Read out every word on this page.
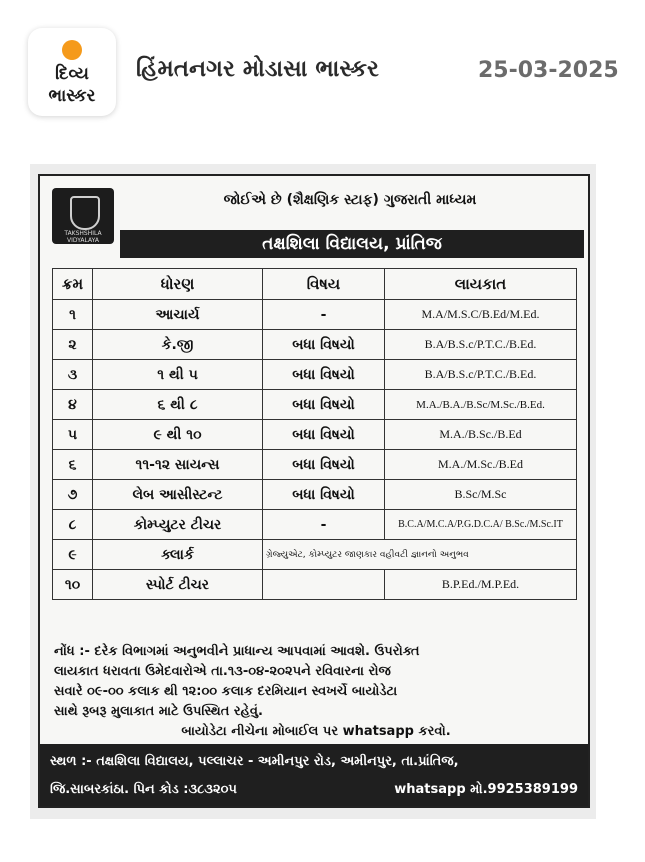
દિવ્ય
ભાસ્કર
હિંમતનગર મોડાસા ભાસ્કર	25-03-2025
TAKSHSHILA VIDYALAYA
જોઈએ છે (શૈક્ષણિક સ્ટાફ) ગુજરાતી માધ્યમ
તક્ષશિલા વિદ્યાલય, પ્રાંતિજ
ક્રમ	ધોરણ	વિષય	લાયકાત
૧	આચાર્ય	-	M.A/M.S.C/B.Ed/M.Ed.
૨	કે.જી	બધા વિષયો	B.A/B.S.c/P.T.C./B.Ed.
૩	૧ થી ૫	બધા વિષયો	B.A/B.S.c/P.T.C./B.Ed.
૪	૬ થી ૮	બધા વિષયો	M.A./B.A./B.Sc/M.Sc./B.Ed.
૫	૯ થી ૧૦	બધા વિષયો	M.A./B.Sc./B.Ed
૬	૧૧-૧૨ સાયન્સ	બધા વિષયો	M.A./M.Sc./B.Ed
૭	લેબ આસીસ્ટન્ટ	બધા વિષયો	B.Sc/M.Sc
૮	કોમ્પ્યુટર ટીચર	-	B.C.A/M.C.A/P.G.D.C.A/ B.Sc./M.Sc.IT
૯	ક્લાર્ક	ગ્રેજ્યુએટ, કોમ્પ્યુટર જાણકાર વહીવટી જ્ઞાનનો અનુભવ	
૧૦	સ્પોર્ટ ટીચર		B.P.Ed./M.P.Ed.

નોંધ :- દરેક વિભાગમાં અનુભવીને પ્રાધાન્ય આપવામાં આવશે. ઉપરોક્ત

લાયકાત ધરાવતા ઉમેદવારોએ તા.૧૩-૦૪-૨૦૨૫ને રવિવારના રોજ

સવારે ૦૯-૦૦ કલાક થી ૧૨:૦૦ કલાક દરમિયાન સ્વખર્ચે બાયોડેટા

સાથે રૂબરૂ મુલાકાત માટે ઉપસ્થિત રહેવું.

બાયોડેટા નીચેના મોબાઈલ પર whatsapp કરવો.

સ્થળ :- તક્ષશિલા વિદ્યાલય, પલ્લાચર - અમીનપુર રોડ, અમીનપુર, તા.પ્રાંતિજ,
જિ.સાબરકાંઠા. પિન કોડ :૩૮૩૨૦૫	whatsapp મો.9925389199
